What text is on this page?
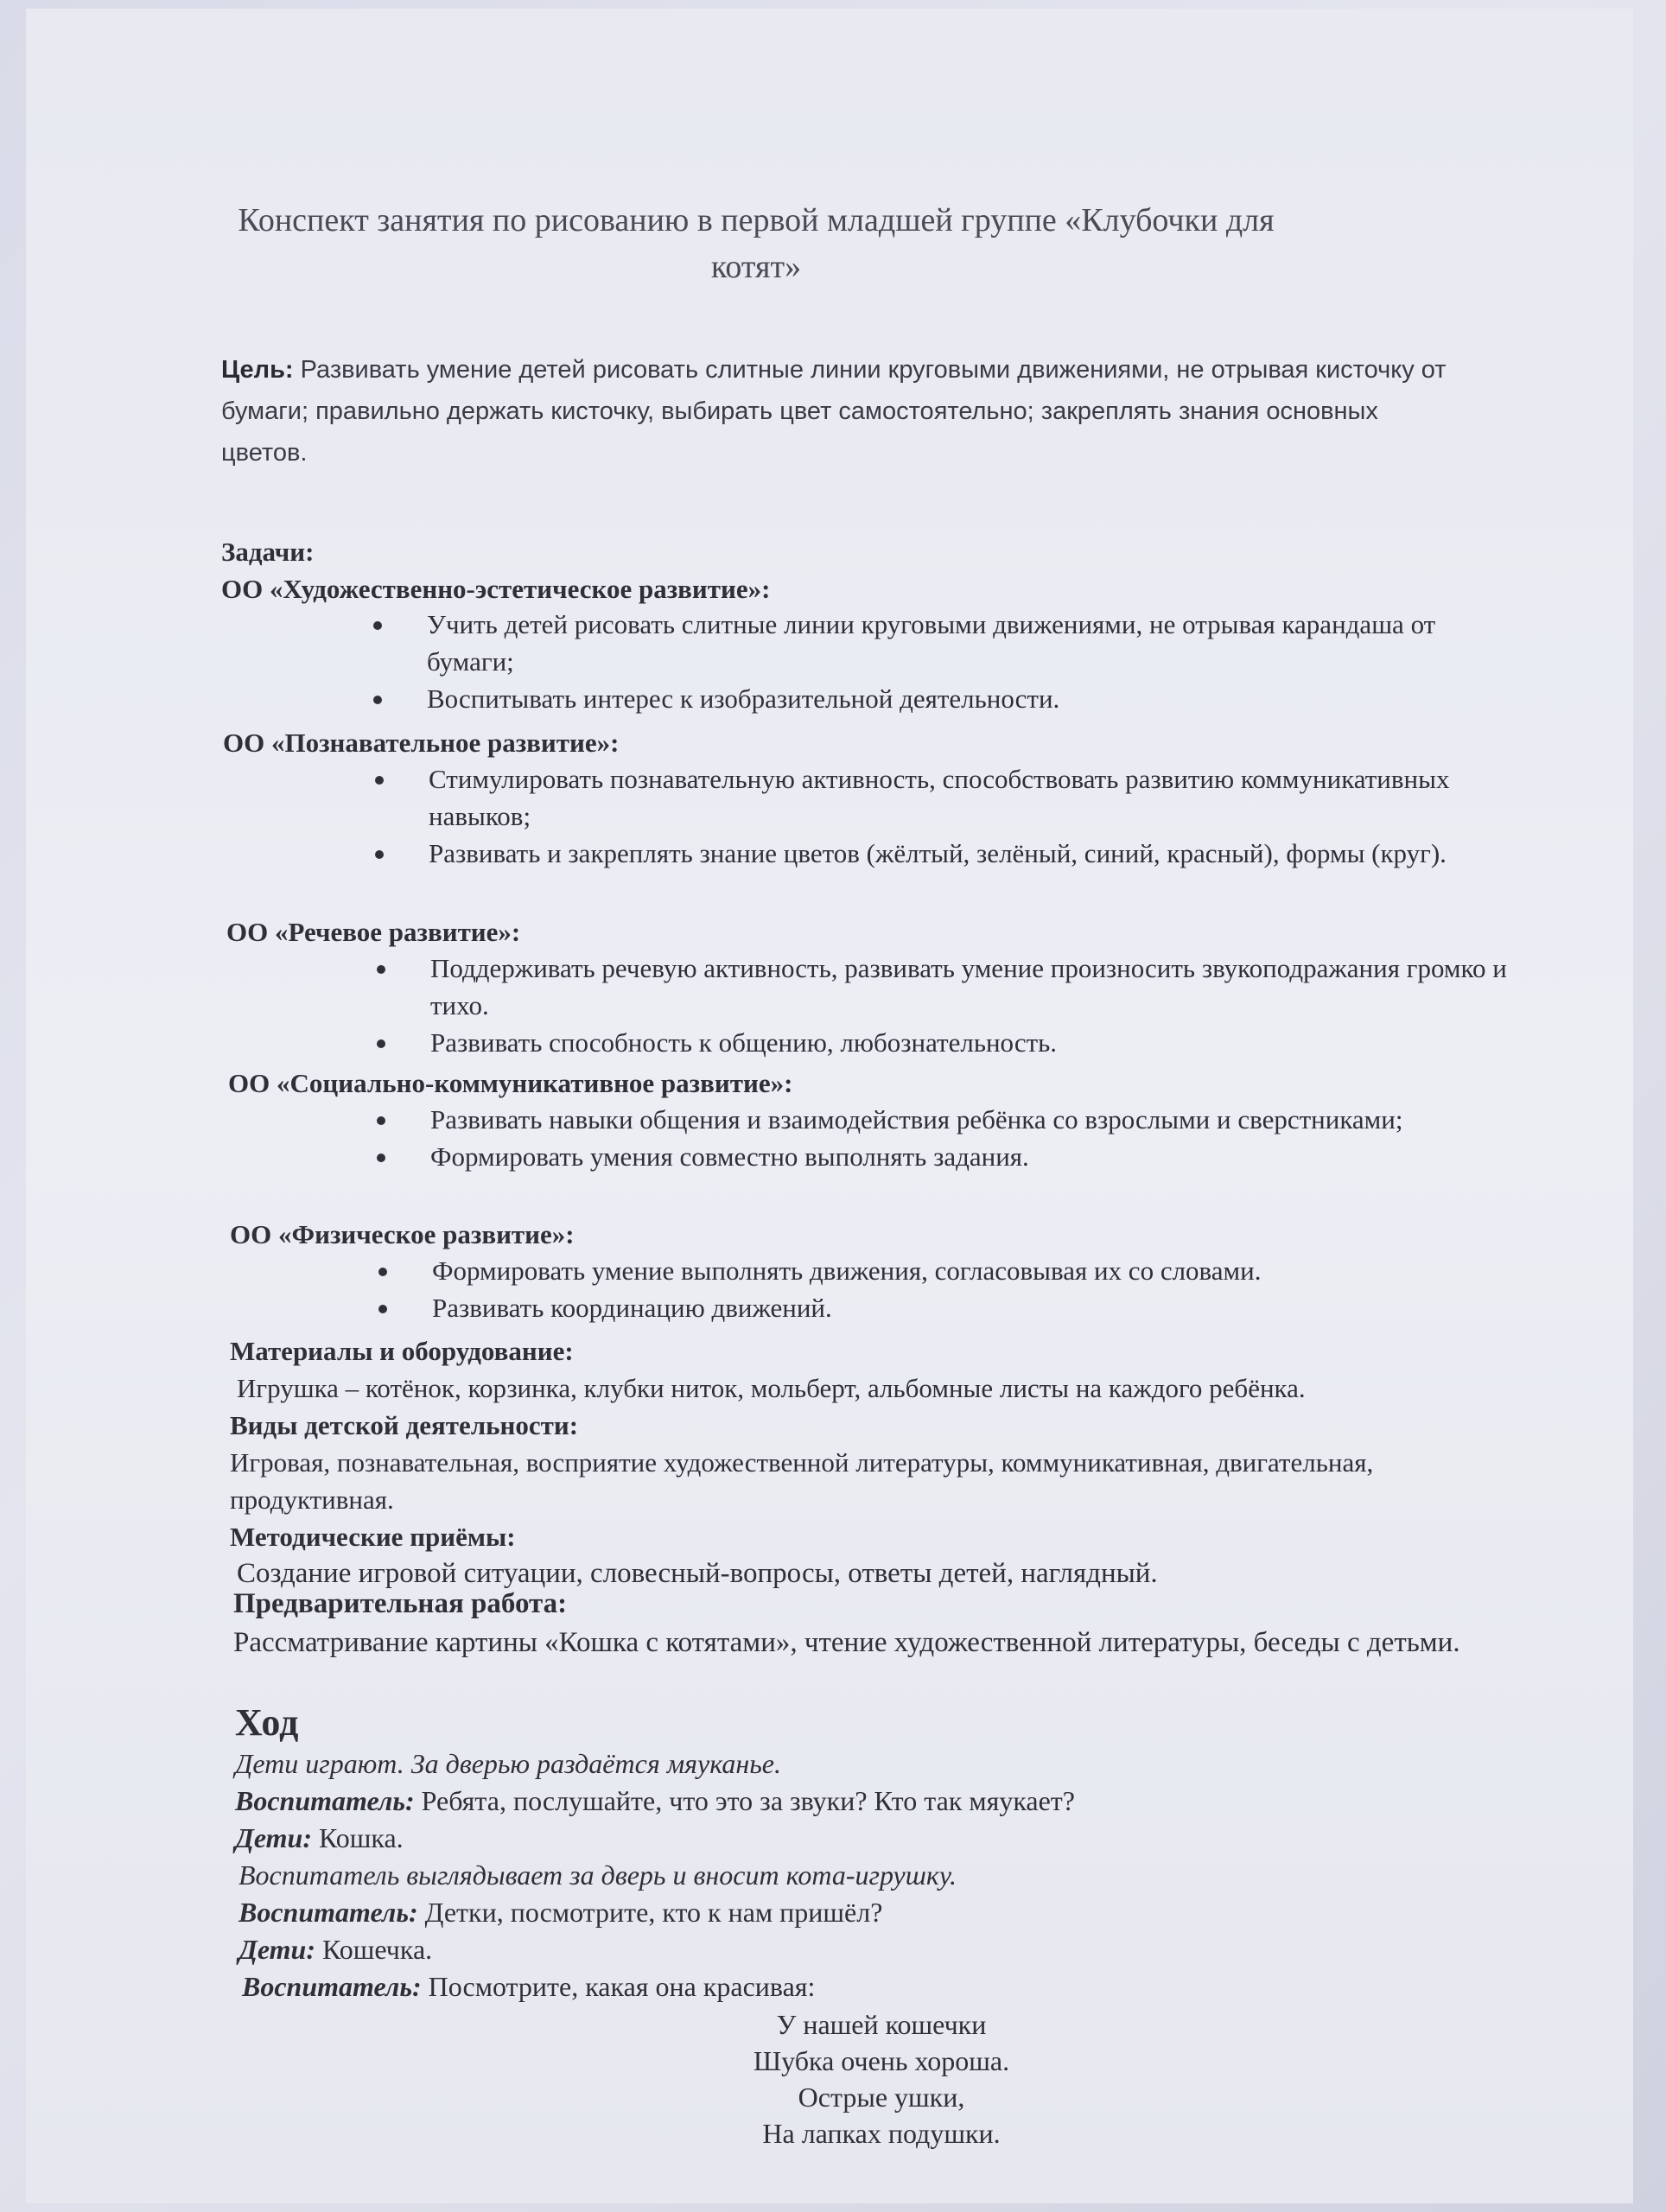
Конспект занятия по рисованию в первой младшей группе «Клубочки для котят»
Цель: Развивать умение детей рисовать слитные линии круговыми движениями, не отрывая кисточку от бумаги; правильно держать кисточку, выбирать цвет самостоятельно; закреплять знания основных цветов.
Задачи:
ОО «Художественно-эстетическое развитие»:
Учить детей рисовать слитные линии круговыми движениями, не отрывая карандаша от бумаги;
Воспитывать интерес к изобразительной деятельности.
ОО «Познавательное развитие»:
Стимулировать познавательную активность, способствовать развитию коммуникативных навыков;
Развивать и закреплять знание цветов (жёлтый, зелёный, синий, красный), формы (круг).
ОО «Речевое развитие»:
Поддерживать речевую активность, развивать умение произносить звукоподражания громко и тихо.
Развивать способность к общению, любознательность.
ОО «Социально-коммуникативное развитие»:
Развивать навыки общения и взаимодействия ребёнка со взрослыми и сверстниками;
Формировать умения совместно выполнять задания.
ОО «Физическое развитие»:
Формировать умение выполнять движения, согласовывая их со словами.
Развивать координацию движений.
Материалы и оборудование:
Игрушка – котёнок, корзинка, клубки ниток, мольберт, альбомные листы на каждого ребёнка.
Виды детской деятельности:
Игровая, познавательная, восприятие художественной литературы, коммуникативная, двигательная, продуктивная.
Методические приёмы:
Создание игровой ситуации, словесный-вопросы, ответы детей, наглядный.
Предварительная работа:
Рассматривание картины «Кошка с котятами», чтение художественной литературы, беседы с детьми.
Ход
Дети играют. За дверью раздаётся мяуканье.
Воспитатель: Ребята, послушайте, что это за звуки? Кто так мяукает?
Дети: Кошка.
Воспитатель выглядывает за дверь и вносит кота-игрушку.
Воспитатель: Детки, посмотрите, кто к нам пришёл?
Дети: Кошечка.
Воспитатель: Посмотрите, какая она красивая:
У нашей кошечки
Шубка очень хороша.
Острые ушки,
На лапках подушки.
